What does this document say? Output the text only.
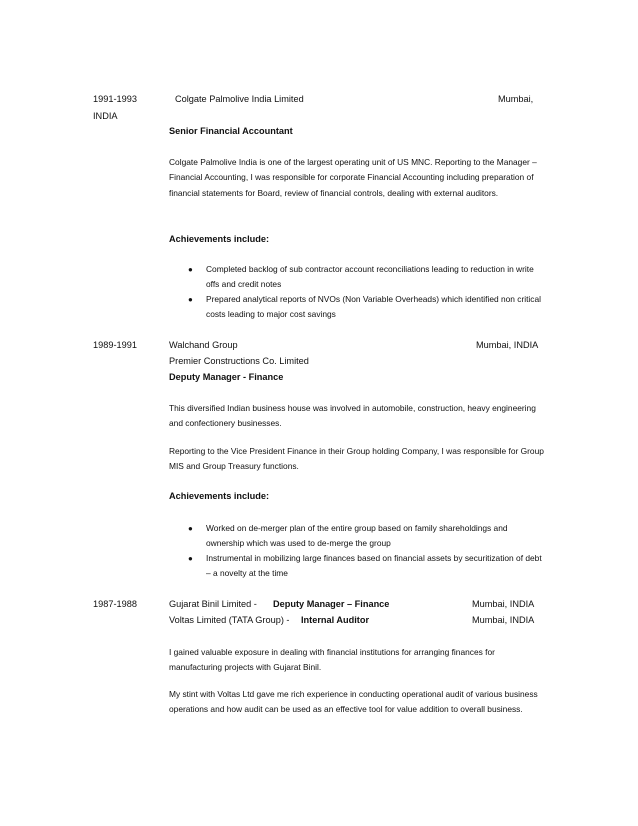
1991-1993	Colgate Palmolive India Limited	Mumbai,
INDIA
Senior Financial Accountant
Colgate Palmolive India is one of the largest operating unit of US MNC. Reporting to the Manager – Financial Accounting, I was responsible for corporate Financial Accounting including preparation of financial statements for Board, review of financial controls, dealing with external auditors.
Achievements include:
● Completed backlog of sub contractor account reconciliations leading to reduction in write offs and credit notes
● Prepared analytical reports of NVOs (Non Variable Overheads) which identified non critical costs leading to major cost savings
1989-1991	Walchand Group	Mumbai, INDIA
Premier Constructions Co. Limited
Deputy Manager - Finance
This diversified Indian business house was involved in automobile, construction, heavy engineering and confectionery businesses.
Reporting to the Vice President Finance in their Group holding Company, I was responsible for Group MIS and Group Treasury functions.
Achievements include:
● Worked on de-merger plan of the entire group based on family shareholdings and ownership which was used to de-merge the group
● Instrumental in mobilizing large finances based on financial assets by securitization of debt – a novelty at the time
1987-1988	Gujarat Binil Limited - Deputy Manager – Finance	Mumbai, INDIA
Voltas Limited (TATA Group) - Internal Auditor	Mumbai, INDIA
I gained valuable exposure in dealing with financial institutions for arranging finances for manufacturing projects with Gujarat Binil.
My stint with Voltas Ltd gave me rich experience in conducting operational audit of various business operations and how audit can be used as an effective tool for value addition to overall business.
